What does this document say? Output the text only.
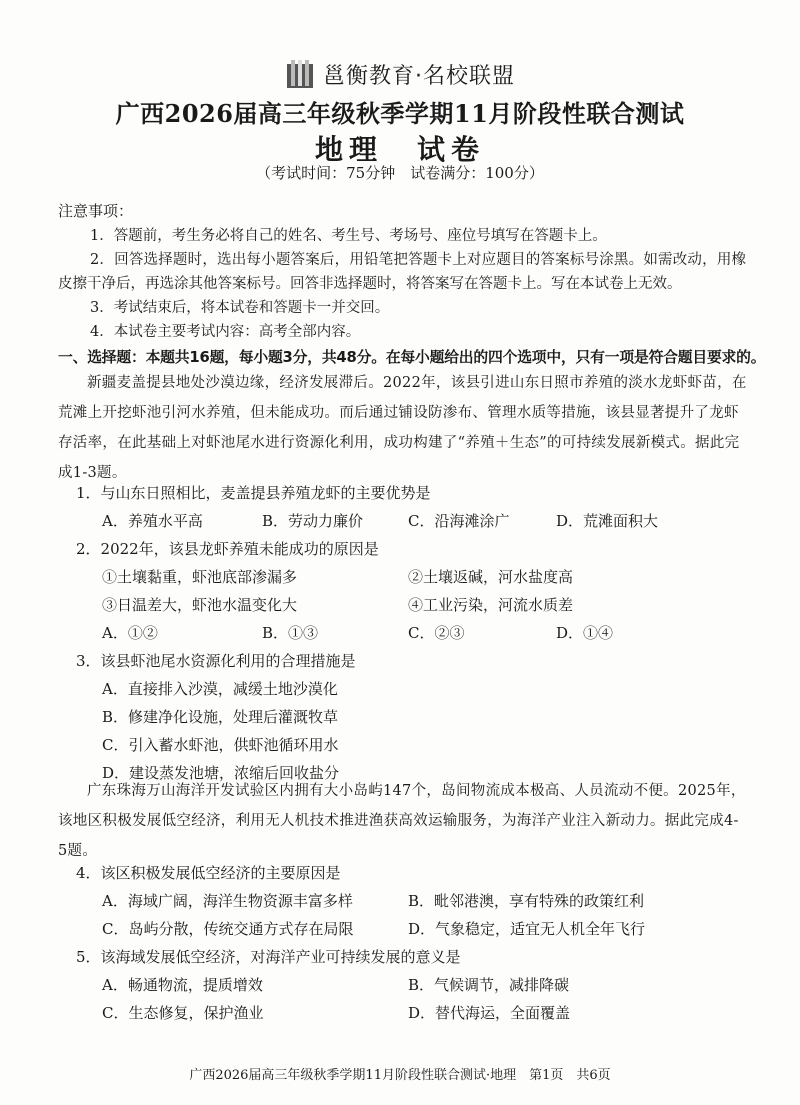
邕衡教育·名校联盟
广西2026届高三年级秋季学期11月阶段性联合测试
地理　试卷
（考试时间：75分钟　试卷满分：100分）
注意事项：
1．答题前，考生务必将自己的姓名、考生号、考场号、座位号填写在答题卡上。
2．回答选择题时，选出每小题答案后，用铅笔把答题卡上对应题目的答案标号涂黑。如需改动，用橡
皮擦干净后，再选涂其他答案标号。回答非选择题时，将答案写在答题卡上。写在本试卷上无效。
3．考试结束后，将本试卷和答题卡一并交回。
4．本试卷主要考试内容：高考全部内容。
一、选择题：本题共16题，每小题3分，共48分。在每小题给出的四个选项中，只有一项是符合题目要求的。
新疆麦盖提县地处沙漠边缘，经济发展滞后。2022年，该县引进山东日照市养殖的淡水龙虾虾苗，在荒滩上开挖虾池引河水养殖，但未能成功。而后通过铺设防渗布、管理水质等措施，该县显著提升了龙虾存活率，在此基础上对虾池尾水进行资源化利用，成功构建了“养殖＋生态”的可持续发展新模式。据此完成1-3题。
1．与山东日照相比，麦盖提县养殖龙虾的主要优势是
A．养殖水平高	B．劳动力廉价	C．沿海滩涂广	D．荒滩面积大
2．2022年，该县龙虾养殖未能成功的原因是
①土壤黏重，虾池底部渗漏多	②土壤返碱，河水盐度高
③日温差大，虾池水温变化大	④工业污染，河流水质差
A．①②	B．①③	C．②③	D．①④
3．该县虾池尾水资源化利用的合理措施是
A．直接排入沙漠，减缓土地沙漠化
B．修建净化设施，处理后灌溉牧草
C．引入蓄水虾池，供虾池循环用水
D．建设蒸发池塘，浓缩后回收盐分
广东珠海万山海洋开发试验区内拥有大小岛屿147个，岛间物流成本极高、人员流动不便。2025年，该地区积极发展低空经济，利用无人机技术推进渔获高效运输服务，为海洋产业注入新动力。据此完成4-5题。
4．该区积极发展低空经济的主要原因是
A．海域广阔，海洋生物资源丰富多样	B．毗邻港澳，享有特殊的政策红利
C．岛屿分散，传统交通方式存在局限	D．气象稳定，适宜无人机全年飞行
5．该海域发展低空经济，对海洋产业可持续发展的意义是
A．畅通物流，提质增效	B．气候调节，减排降碳
C．生态修复，保护渔业	D．替代海运，全面覆盖
广西2026届高三年级秋季学期11月阶段性联合测试·地理　第1页　共6页
